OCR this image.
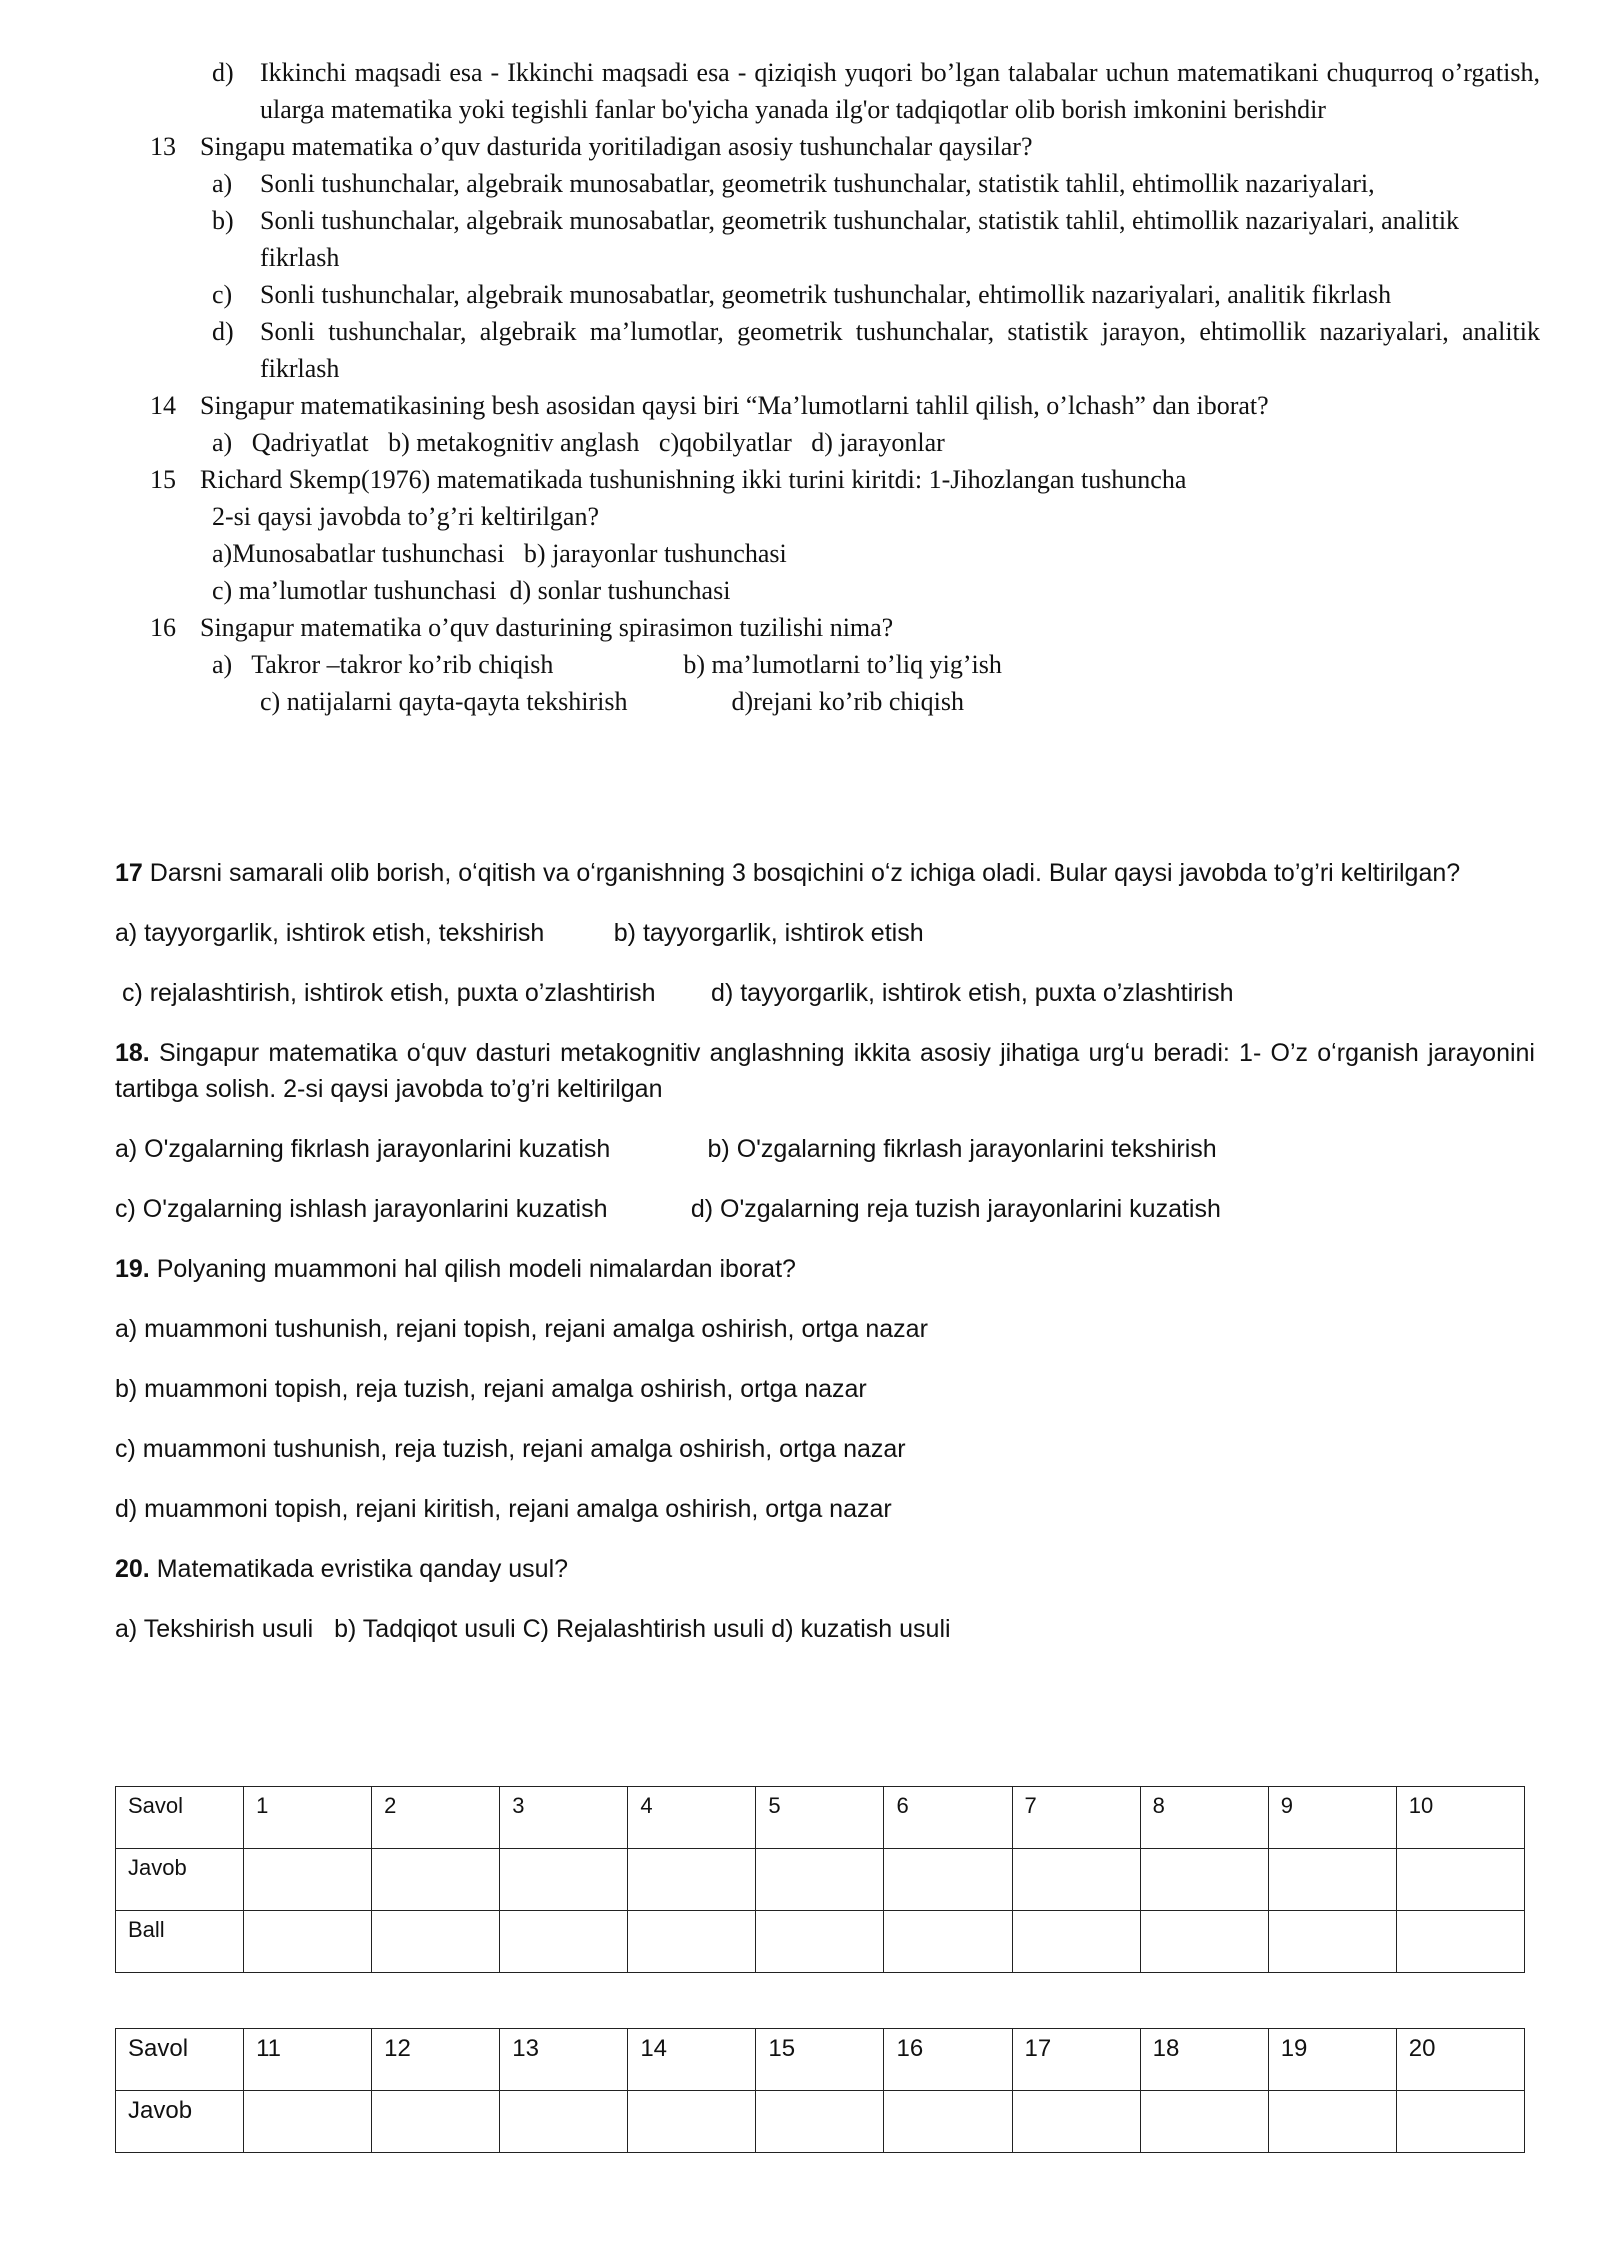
d) Ikkinchi maqsadi esa - Ikkinchi maqsadi esa - qiziqish yuqori bo’lgan talabalar uchun matematikani chuqurroq o’rgatish, ularga matematika yoki tegishli fanlar bo'yicha yanada ilg'or tadqiqotlar olib borish imkonini berishdir
13 Singapu matematika o’quv dasturida yoritiladigan asosiy tushunchalar qaysilar?
a) Sonli tushunchalar, algebraik munosabatlar, geometrik tushunchalar, statistik tahlil, ehtimollik nazariyalari,
b) Sonli tushunchalar, algebraik munosabatlar, geometrik tushunchalar, statistik tahlil, ehtimollik nazariyalari, analitik fikrlash
c) Sonli tushunchalar, algebraik munosabatlar, geometrik tushunchalar, ehtimollik nazariyalari, analitik fikrlash
d) Sonli tushunchalar, algebraik ma’lumotlar, geometrik tushunchalar, statistik jarayon, ehtimollik nazariyalari, analitik fikrlash
14 Singapur matematikasining besh asosidan qaysi biri “Ma’lumotlarni tahlil qilish, o’lchash” dan iborat?
a)   Qadriyatlat   b) metakognitiv anglash   c)qobilyatlar   d) jarayonlar
15 Richard Skemp(1976) matematikada tushunishning ikki turini kiritdi: 1-Jihozlangan tushuncha
2-si qaysi javobda to’g’ri keltirilgan?
a)Munosabatlar tushunchasi   b) jarayonlar tushunchasi
c) ma’lumotlar tushunchasi  d) sonlar tushunchasi
16 Singapur matematika o’quv dasturining spirasimon tuzilishi nima?
a)   Takror –takror ko’rib chiqish                    b) ma’lumotlarni to’liq yig’ish
c) natijalarni qayta-qayta tekshirish                d)rejani ko’rib chiqish

17 Darsni samarali olib borish, oʻqitish va oʻrganishning 3 bosqichini oʻz ichiga oladi. Bular qaysi javobda to’g’ri keltirilgan?

a) tayyorgarlik, ishtirok etish, tekshirish          b) tayyorgarlik, ishtirok etish

c) rejalashtirish, ishtirok etish, puxta o’zlashtirish        d) tayyorgarlik, ishtirok etish, puxta o’zlashtirish

18. Singapur matematika oʻquv dasturi metakognitiv anglashning ikkita asosiy jihatiga urgʻu beradi: 1- O’z oʻrganish jarayonini tartibga solish. 2-si qaysi javobda to’g’ri keltirilgan

a) O'zgalarning fikrlash jarayonlarini kuzatish              b) O'zgalarning fikrlash jarayonlarini tekshirish

c) O'zgalarning ishlash jarayonlarini kuzatish            d) O'zgalarning reja tuzish jarayonlarini kuzatish

19. Polyaning muammoni hal qilish modeli nimalardan iborat?

a) muammoni tushunish, rejani topish, rejani amalga oshirish, ortga nazar

b) muammoni topish, reja tuzish, rejani amalga oshirish, ortga nazar

c) muammoni tushunish, reja tuzish, rejani amalga oshirish, ortga nazar

d) muammoni topish, rejani kiritish, rejani amalga oshirish, ortga nazar

20. Matematikada evristika qanday usul?

a) Tekshirish usuli   b) Tadqiqot usuli C) Rejalashtirish usuli d) kuzatish usuli

Savol	1	2	3	4	5	6	7	8	9	10
Javob										
Ball										
Savol	11	12	13	14	15	16	17	18	19	20
Javob										
